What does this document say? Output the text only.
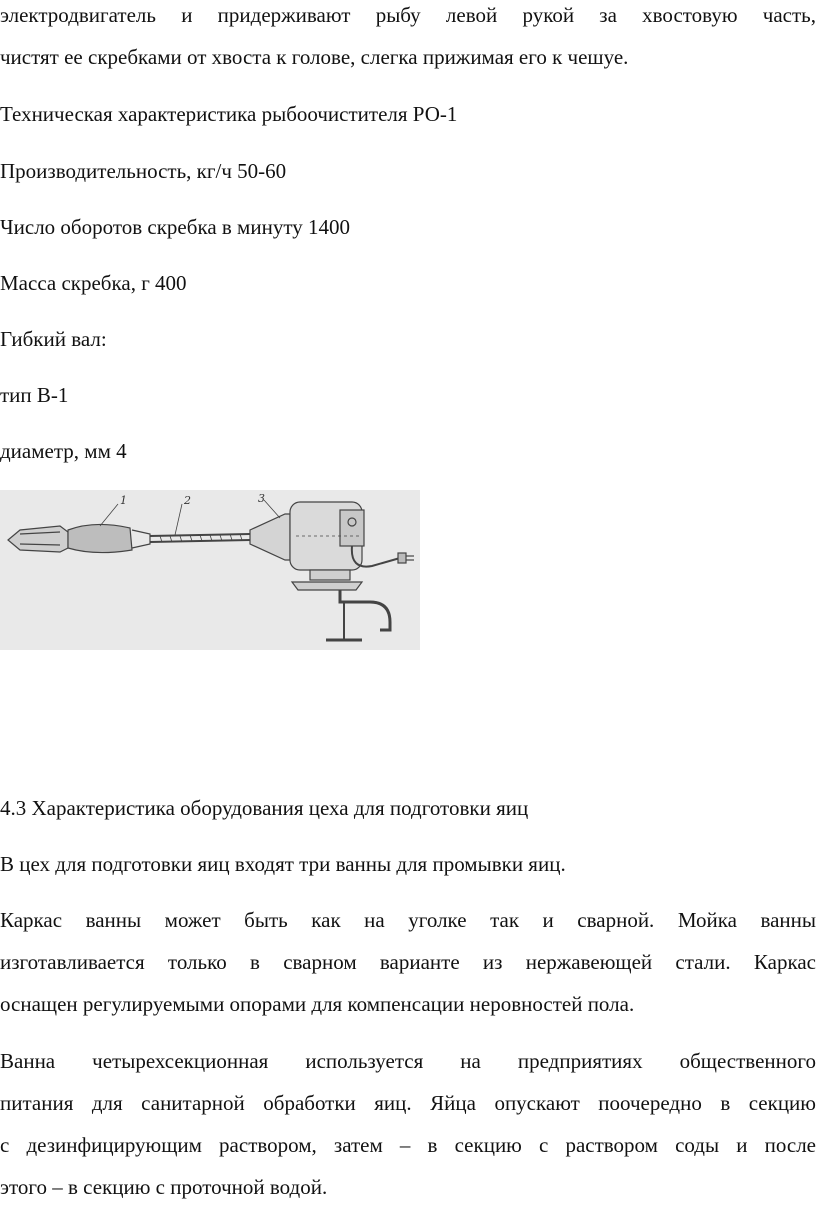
электродвигатель и придерживают рыбу левой рукой за хвостовую часть,
чистят ее скребками от хвоста к голове, слегка прижимая его к чешуе.
Техническая характеристика рыбоочистителя РО-1
Производительность, кг/ч 50-60
Число оборотов скребка в минуту 1400
Масса скребка, г 400
Гибкий вал:
тип В-1
диаметр, мм 4
1	2	3
4.3 Характеристика оборудования цеха для подготовки яиц
В цех для подготовки яиц входят три ванны для промывки яиц.
Каркас ванны может быть как на уголке так и сварной. Мойка ванны
изготавливается только в сварном варианте из нержавеющей стали. Каркас
оснащен регулируемыми опорами для компенсации неровностей пола.
Ванна четырехсекционная используется на предприятиях общественного
питания для санитарной обработки яиц. Яйца опускают поочередно в секцию
с дезинфицирующим раствором, затем – в секцию с раствором соды и после
этого – в секцию с проточной водой.
